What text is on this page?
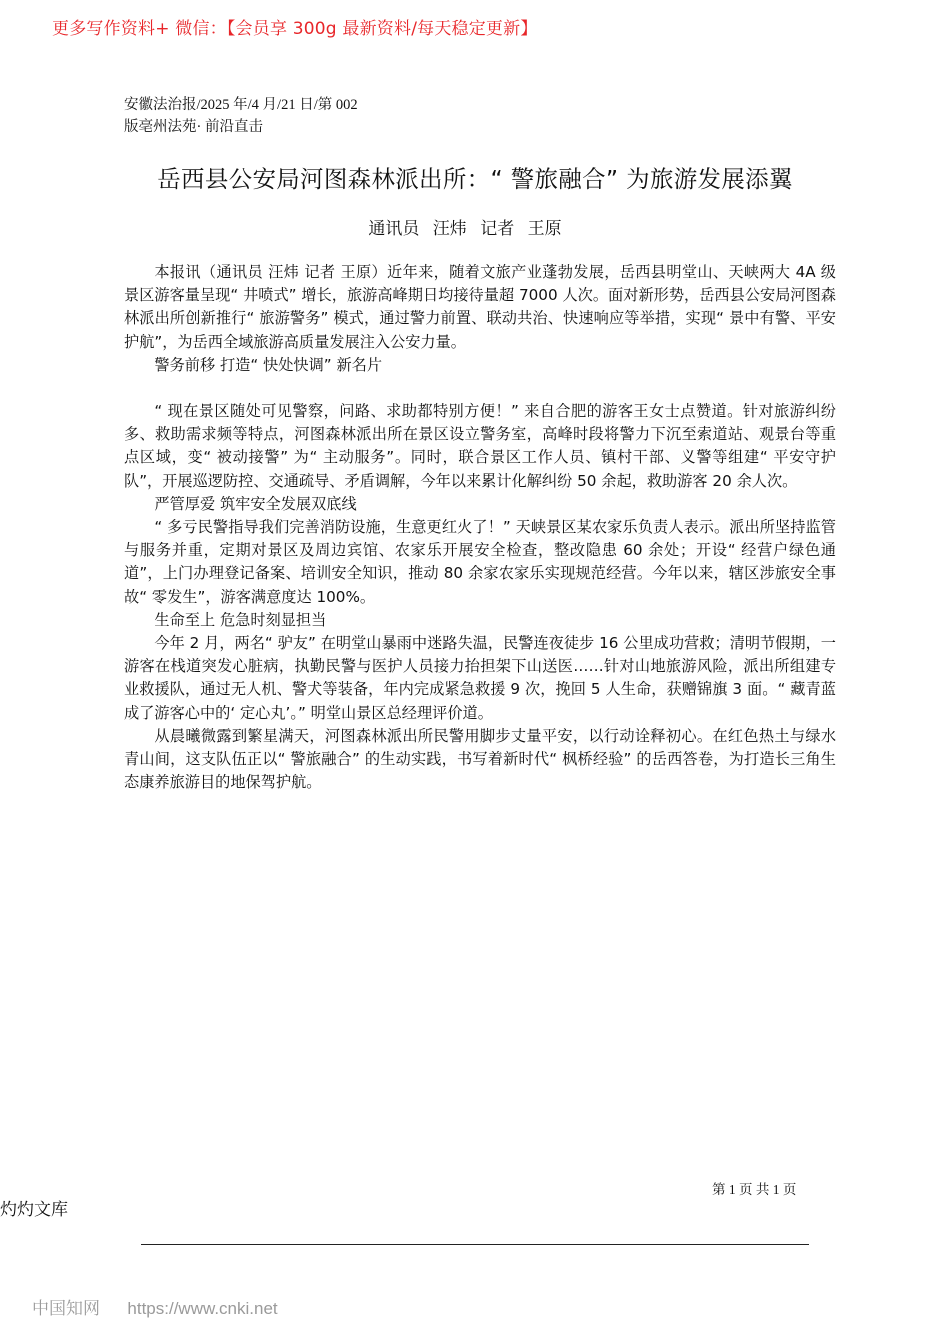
更多写作资料+ 微信：【会员享 300g 最新资料/每天稳定更新】
安徽法治报/2025 年/4 月/21 日/第 002
版亳州法苑· 前沿直击
岳西县公安局河图森林派出所：“ 警旅融合” 为旅游发展添翼
通讯员 汪炜 记者 王原

本报讯（通讯员 汪炜 记者 王原）近年来，随着文旅产业蓬勃发展，岳西县明堂山、天峡两大 4A 级景区游客量呈现“ 井喷式” 增长，旅游高峰期日均接待量超 7000 人次。面对新形势，岳西县公安局河图森林派出所创新推行“ 旅游警务” 模式，通过警力前置、联动共治、快速响应等举措，实现“ 景中有警、平安护航”，为岳西全域旅游高质量发展注入公安力量。

警务前移 打造“ 快处快调” 新名片

“ 现在景区随处可见警察，问路、求助都特别方便！” 来自合肥的游客王女士点赞道。针对旅游纠纷多、救助需求频等特点，河图森林派出所在景区设立警务室，高峰时段将警力下沉至索道站、观景台等重点区域，变“ 被动接警” 为“ 主动服务”。同时，联合景区工作人员、镇村干部、义警等组建“ 平安守护队”，开展巡逻防控、交通疏导、矛盾调解，今年以来累计化解纠纷 50 余起，救助游客 20 余人次。

严管厚爱 筑牢安全发展双底线

“ 多亏民警指导我们完善消防设施，生意更红火了！” 天峡景区某农家乐负责人表示。派出所坚持监管与服务并重，定期对景区及周边宾馆、农家乐开展安全检查，整改隐患 60 余处；开设“ 经营户绿色通道”，上门办理登记备案、培训安全知识，推动 80 余家农家乐实现规范经营。今年以来，辖区涉旅安全事故“ 零发生”，游客满意度达 100%。

生命至上 危急时刻显担当

今年 2 月，两名“ 驴友” 在明堂山暴雨中迷路失温，民警连夜徒步 16 公里成功营救；清明节假期，一游客在栈道突发心脏病，执勤民警与医护人员接力抬担架下山送医……针对山地旅游风险，派出所组建专业救援队，通过无人机、警犬等装备，年内完成紧急救援 9 次，挽回 5 人生命，获赠锦旗 3 面。“ 藏青蓝成了游客心中的‘ 定心丸’。” 明堂山景区总经理评价道。

从晨曦微露到繁星满天，河图森林派出所民警用脚步丈量平安，以行动诠释初心。在红色热土与绿水青山间，这支队伍正以“ 警旅融合” 的生动实践，书写着新时代“ 枫桥经验” 的岳西答卷，为打造长三角生态康养旅游目的地保驾护航。

第 1 页 共 1 页
灼灼文库
中国知网 https://www.cnki.net
